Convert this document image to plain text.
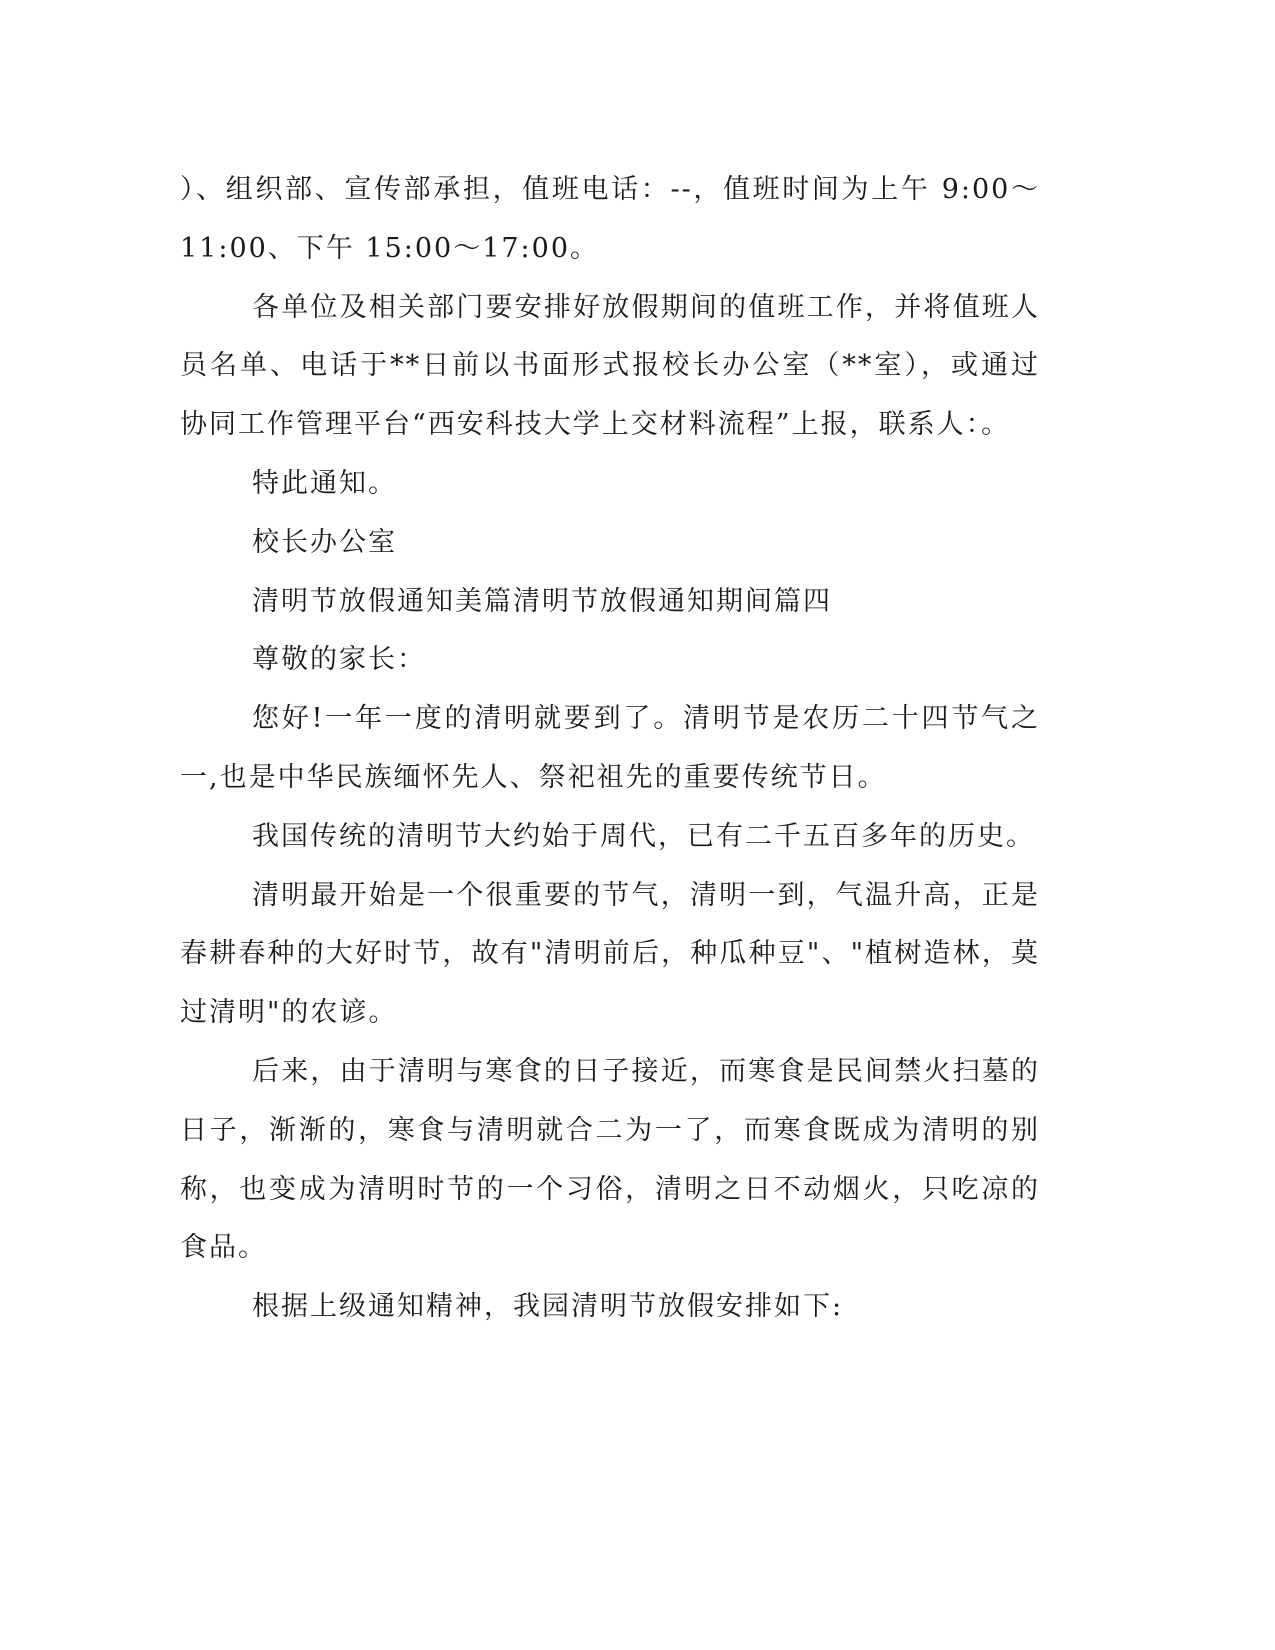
）、组织部、宣传部承担，值班电话：--，值班时间为上午 9:00～11:00、下午 15:00～17:00。

各单位及相关部门要安排好放假期间的值班工作，并将值班人员名单、电话于**日前以书面形式报校长办公室（**室），或通过协同工作管理平台“西安科技大学上交材料流程”上报，联系人：。

特此通知。

校长办公室

清明节放假通知美篇清明节放假通知期间篇四

尊敬的家长：

您好!一年一度的清明就要到了。清明节是农历二十四节气之一,也是中华民族缅怀先人、祭祀祖先的重要传统节日。

我国传统的清明节大约始于周代，已有二千五百多年的历史。

清明最开始是一个很重要的节气，清明一到，气温升高，正是春耕春种的大好时节，故有"清明前后，种瓜种豆"、"植树造林，莫过清明"的农谚。

后来，由于清明与寒食的日子接近，而寒食是民间禁火扫墓的日子，渐渐的，寒食与清明就合二为一了，而寒食既成为清明的别称，也变成为清明时节的一个习俗，清明之日不动烟火，只吃凉的食品。

根据上级通知精神，我园清明节放假安排如下:
